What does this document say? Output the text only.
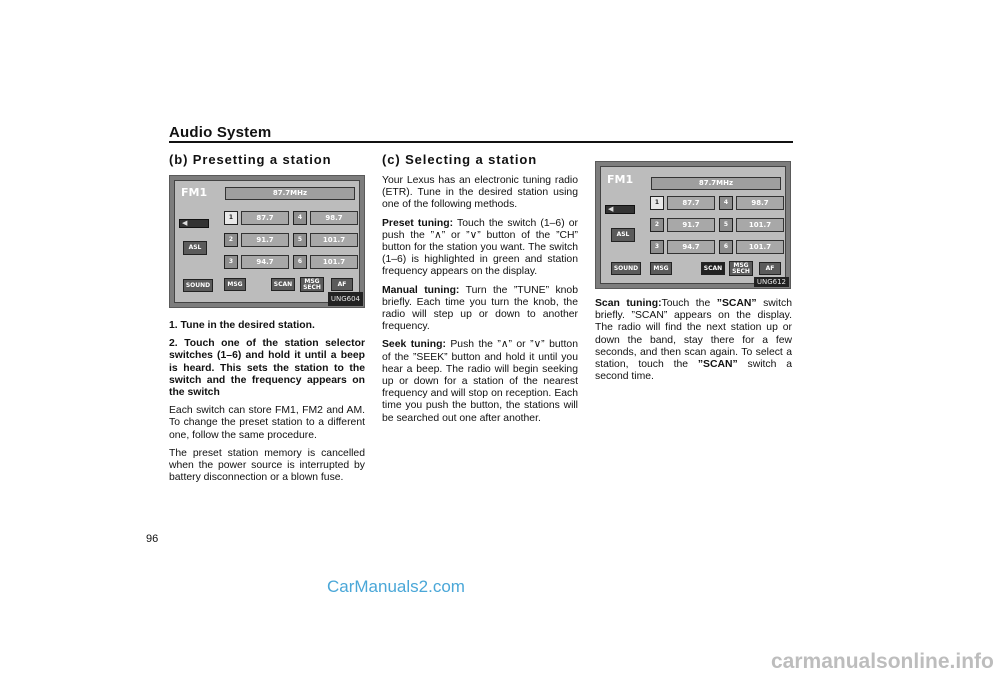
Audio System
(b) Presetting a station
FM1	87.7MHz
◀
ASL
1	87.7
2	91.7
3	94.7
4	98.7
5	101.7
6	101.7
SOUND	MSG	SCAN	MSG
SECH	AF
UNG604

1. Tune in the desired station.

2. Touch one of the station selector switches (1–6) and hold it until a beep is heard. This sets the station to the switch and the frequency appears on the switch

Each switch can store FM1, FM2 and AM. To change the preset station to a different one, follow the same procedure.

The preset station memory is cancelled when the power source is interrupted by battery disconnection or a blown fuse.

(c) Selecting a station

Your Lexus has an electronic tuning radio (ETR). Tune in the desired station using one of the following methods.

Preset tuning: Touch the switch (1–6) or push the ”∧” or ”∨” button of the ”CH” button for the station you want. The switch (1–6) is highlighted in green and station frequency appears on the display.

Manual tuning: Turn the ”TUNE” knob briefly. Each time you turn the knob, the radio will step up or down to another frequency.

Seek tuning: Push the ”∧” or ”∨” button of the ”SEEK” button and hold it until you hear a beep. The radio will begin seeking up or down for a station of the nearest frequency and will stop on reception. Each time you push the button, the stations will be searched out one after another.

FM1	87.7MHz
◀
ASL
1	87.7
2	91.7
3	94.7
4	98.7
5	101.7
6	101.7
SOUND	MSG	SCAN	MSG
SECH	AF
UNG612

Scan tuning:Touch the ”SCAN” switch briefly. ”SCAN” appears on the display. The radio will find the next station up or down the band, stay there for a few seconds, and then scan again. To select a station, touch the ”SCAN” switch a second time.

96
CarManuals2.com
carmanualsonline.info
